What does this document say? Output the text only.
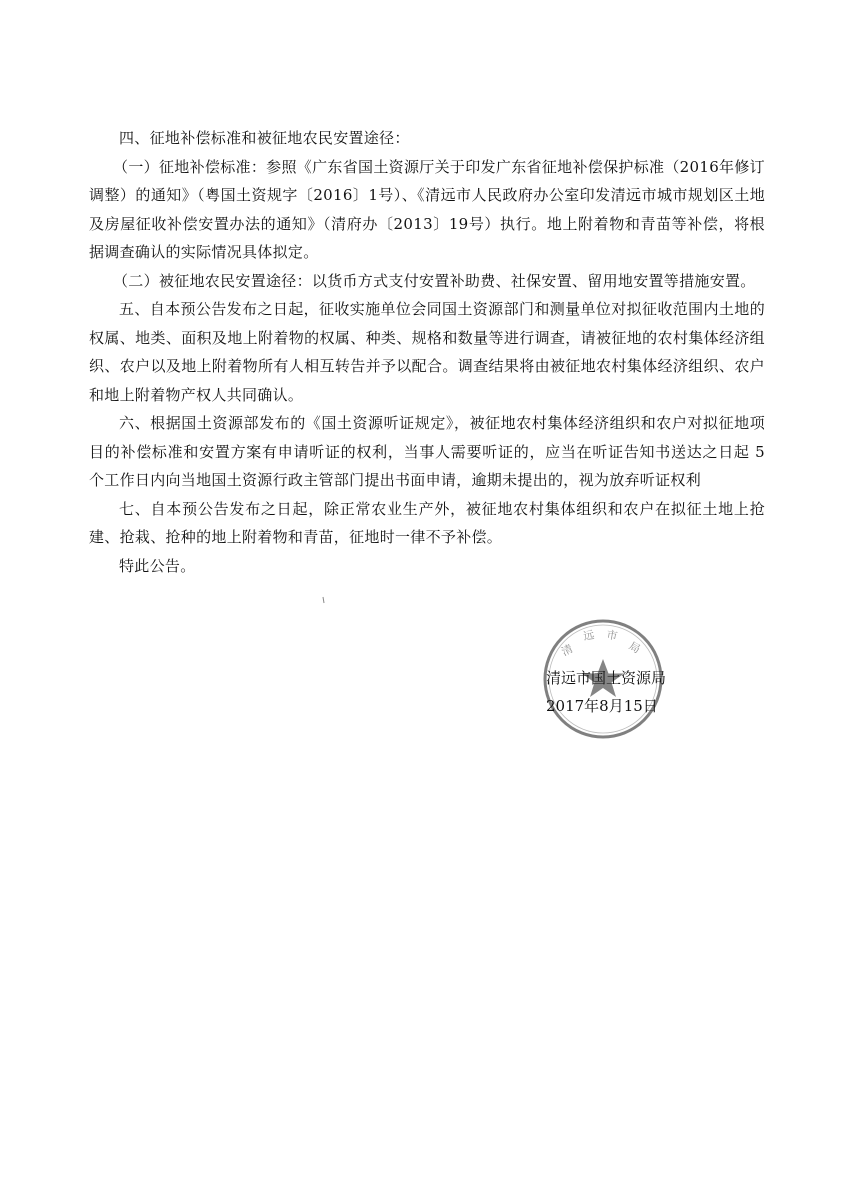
四、征地补偿标准和被征地农民安置途径：

（一）征地补偿标准：参照《广东省国土资源厅关于印发广东省征地补偿保护标准（2016年修订调整）的通知》（粤国土资规字〔2016〕1号）、《清远市人民政府办公室印发清远市城市规划区土地及房屋征收补偿安置办法的通知》（清府办〔2013〕19号）执行。地上附着物和青苗等补偿，将根据调查确认的实际情况具体拟定。

（二）被征地农民安置途径：以货币方式支付安置补助费、社保安置、留用地安置等措施安置。

五、自本预公告发布之日起，征收实施单位会同国土资源部门和测量单位对拟征收范围内土地的权属、地类、面积及地上附着物的权属、种类、规格和数量等进行调查，请被征地的农村集体经济组织、农户以及地上附着物所有人相互转告并予以配合。调查结果将由被征地农村集体经济组织、农户和地上附着物产权人共同确认。

六、根据国土资源部发布的《国土资源听证规定》，被征地农村集体经济组织和农户对拟征地项目的补偿标准和安置方案有申请听证的权利，当事人需要听证的，应当在听证告知书送达之日起 5 个工作日内向当地国土资源行政主管部门提出书面申请，逾期未提出的，视为放弃听证权利

七、自本预公告发布之日起，除正常农业生产外，被征地农村集体组织和农户在拟征土地上抢建、抢栽、抢种的地上附着物和青苗，征地时一律不予补偿。

特此公告。

清
远 市
局
清远市国土资源局
2017年8月15日
